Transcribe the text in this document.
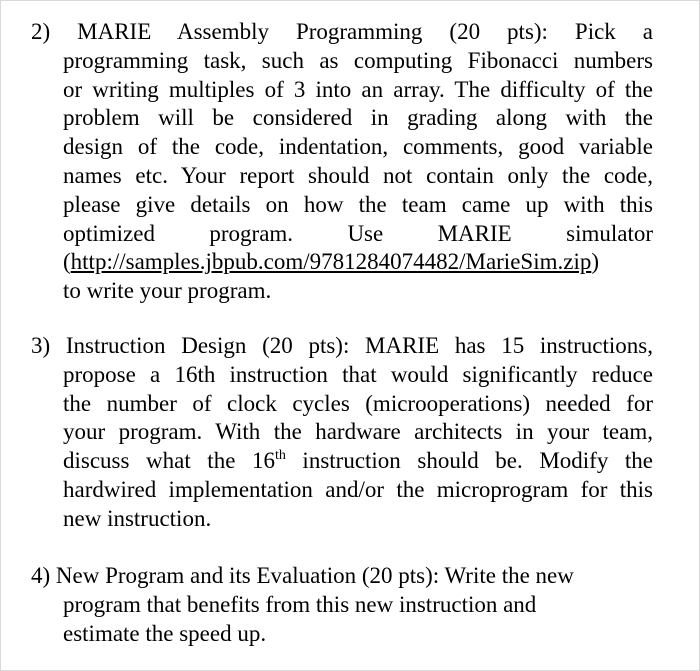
2) MARIE Assembly Programming (20 pts): Pick a
programming task, such as computing Fibonacci numbers
or writing multiples of 3 into an array. The difficulty of the
problem will be considered in grading along with the
design of the code, indentation, comments, good variable
names etc. Your report should not contain only the code,
please give details on how the team came up with this
optimized program. Use MARIE simulator
(http://samples.jbpub.com/9781284074482/MarieSim.zip)
to write your program.
3) Instruction Design (20 pts): MARIE has 15 instructions,
propose a 16th instruction that would significantly reduce
the number of clock cycles (microoperations) needed for
your program. With the hardware architects in your team,
discuss what the 16th instruction should be. Modify the
hardwired implementation and/or the microprogram for this
new instruction.
4) New Program and its Evaluation (20 pts): Write the new
program that benefits from this new instruction and
estimate the speed up.
